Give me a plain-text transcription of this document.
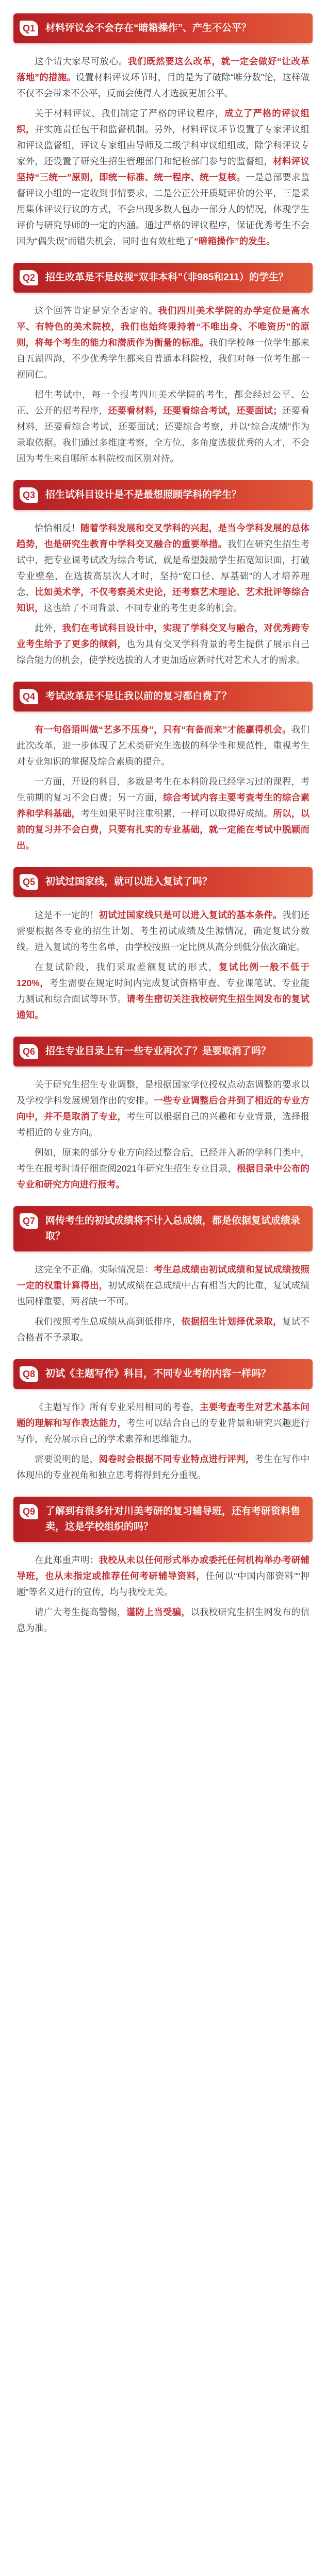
Q1	材料评议会不会存在“暗箱操作”、产生不公平？

这个请大家尽可放心。我们既然要这么改革，就一定会做好“让改革落地”的措施。设置材料评议环节时，目的是为了破除“唯分数”论，这样做不仅不会带来不公平，反而会使得人才选拔更加公平。

关于材料评议，我们制定了严格的评议程序，成立了严格的评议组织，并实施责任包干和监督机制。另外，材料评议环节设置了专家评议组和评议监督组，评议专家组由导师及二级学科审议组组成，除学科评议专家外，还设置了研究生招生管理部门和纪检部门参与的监督组，材料评议坚持“三统一”原则，即统一标准、统一程序、统一复核。一是总部要求监督评议小组的一定收到事情要求，二是公正公开质疑评价的公平，三是采用集体评议行议的方式，不会出现多数人包办一部分人的情况，体现学生评价与研究导师的一定的内涵。通过严格的评议程序，保证优秀考生不会因为“偶失误”而错失机会，同时也有效杜绝了“暗箱操作”的发生。

Q2	招生改革是不是歧视“双非本科”（非985和211）的学生？

这个回答肯定是完全否定的。我们四川美术学院的办学定位是高水平、有特色的美术院校，我们也始终秉持着“不唯出身、不唯资历”的原则，将每个考生的能力和潜质作为衡量的标准。我们学校每一位学生都来自五湖四海，不少优秀学生都来自普通本科院校，我们对每一位考生都一视同仁。

招生考试中，每一个报考四川美术学院的考生，都会经过公平、公正、公开的招考程序，还要看材料，还要看综合考试，还要面试；还要看材料，还要看综合考试，还要面试；还要综合考察，并以“综合成绩”作为录取依据。我们通过多维度考察，全方位、多角度选拔优秀的人才，不会因为考生来自哪所本科院校而区别对待。

Q3	招生试科目设计是不是最想照顾学科的学生？

恰恰相反！随着学科发展和交叉学科的兴起，是当今学科发展的总体趋势，也是研究生教育中学科交叉融合的重要举措。我们在研究生招生考试中，把专业课考试改为综合考试，就是希望鼓励学生拓宽知识面，打破专业壁垒，在选拔高层次人才时，坚持“宽口径、厚基础”的人才培养理念，比如美术学，不仅考察美术史论，还考察艺术理论、艺术批评等综合知识，这也给了不同背景、不同专业的考生更多的机会。

此外，我们在考试科目设计中，实现了学科交叉与融合，对优秀跨专业考生给予了更多的倾斜，也为具有交叉学科背景的考生提供了展示自己综合能力的机会，使学校选拔的人才更加适应新时代对艺术人才的需求。

Q4	考试改革是不是让我以前的复习都白费了？

有一句俗语叫做“艺多不压身”，只有“有备而来”才能赢得机会。我们此次改革，进一步体现了艺术类研究生选拔的科学性和规范性，重视考生对专业知识的掌握及综合素质的提升。

一方面，开设的科目，多数是考生在本科阶段已经学习过的课程，考生前期的复习不会白费；另一方面，综合考试内容主要考查考生的综合素养和学科基础，考生如果平时注重积累，一样可以取得好成绩。所以，以前的复习并不会白费，只要有扎实的专业基础，就一定能在考试中脱颖而出。

Q5	初试过国家线，就可以进入复试了吗？

这是不一定的！初试过国家线只是可以进入复试的基本条件。我们还需要根据各专业的招生计划、考生初试成绩及生源情况，确定复试分数线。进入复试的考生名单，由学校按照一定比例从高分到低分依次确定。

在复试阶段，我们采取差额复试的形式，复试比例一般不低于120%，考生需要在规定时间内完成复试资格审查、专业课笔试、专业能力测试和综合面试等环节。请考生密切关注我校研究生招生网发布的复试通知。

Q6	招生专业目录上有一些专业再次了？是要取消了吗？

关于研究生招生专业调整，是根据国家学位授权点动态调整的要求以及学校学科发展规划作出的安排。一些专业调整后合并到了相近的专业方向中，并不是取消了专业，考生可以根据自己的兴趣和专业背景，选择报考相近的专业方向。

例如，原来的部分专业方向经过整合后，已经并入新的学科门类中，考生在报考时请仔细查阅2021年研究生招生专业目录，根据目录中公布的专业和研究方向进行报考。

Q7	网传考生的初试成绩将不计入总成绩，都是依据复试成绩录取？

这完全不正确。实际情况是：考生总成绩由初试成绩和复试成绩按照一定的权重计算得出，初试成绩在总成绩中占有相当大的比重，复试成绩也同样重要，两者缺一不可。

我们按照考生总成绩从高到低排序，依据招生计划择优录取，复试不合格者不予录取。

Q8	初试《主题写作》科目，不同专业考的内容一样吗？

《主题写作》所有专业采用相同的考卷，主要考查考生对艺术基本问题的理解和写作表达能力，考生可以结合自己的专业背景和研究兴趣进行写作，充分展示自己的学术素养和思维能力。

需要说明的是，阅卷时会根据不同专业特点进行评判，考生在写作中体现出的专业视角和独立思考将得到充分重视。

Q9	了解到有很多针对川美考研的复习辅导班，还有考研资料售卖，这是学校组织的吗？

在此郑重声明：我校从未以任何形式举办或委托任何机构举办考研辅导班，也从未指定或推荐任何考研辅导资料，任何以“中国内部资料”“押题”等名义进行的宣传，均与我校无关。

请广大考生提高警惕，谨防上当受骗，以我校研究生招生网发布的信息为准。
